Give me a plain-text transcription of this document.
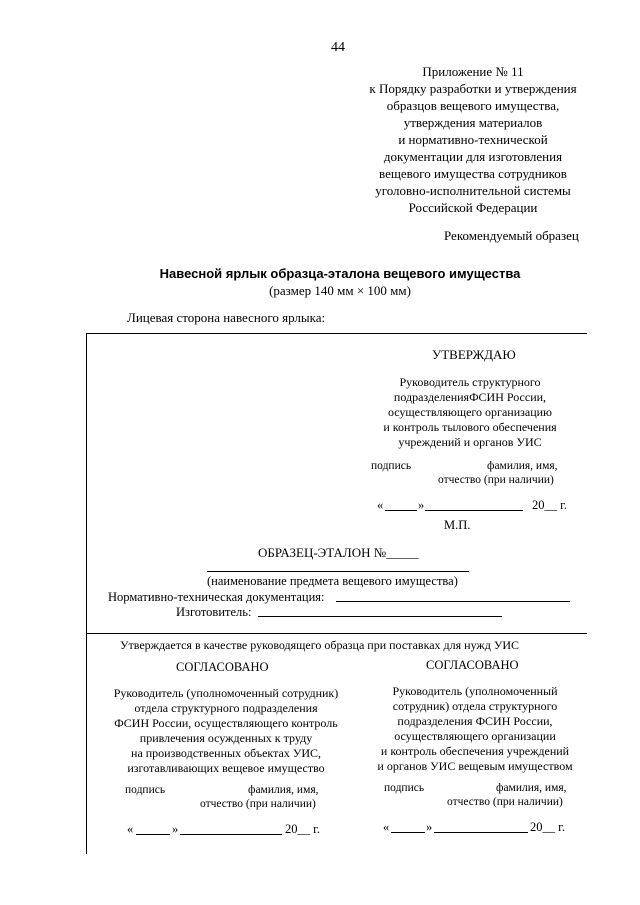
44
Приложение № 11
к Порядку разработки и утверждения
образцов вещевого имущества,
утверждения материалов
и нормативно-технической
документации для изготовления
вещевого имущества сотрудников
уголовно-исполнительной системы
Российской Федерации
Рекомендуемый образец
Навесной ярлык образца-эталона вещевого имущества
(размер 140 мм × 100 мм)
Лицевая сторона навесного ярлыка:
УТВЕРЖДАЮ
Руководитель структурного
подразделенияФСИН России,
осуществляющего организацию
и контроль тылового обеспечения
учреждений и органов УИС
подпись	фамилия, имя,
отчество (при наличии)
«	»	20__ г.
М.П.
ОБРАЗЕЦ-ЭТАЛОН №_____
(наименование предмета вещевого имущества)
Нормативно-техническая документация:
Изготовитель:
Утверждается в качестве руководящего образца при поставках для нужд УИС
СОГЛАСОВАНО
Руководитель (уполномоченный сотрудник)
отдела структурного подразделения
ФСИН России, осуществляющего контроль
привлечения осужденных к труду
на производственных объектах УИС,
изготавливающих вещевое имущество
подпись	фамилия, имя,
отчество (при наличии)
«	»	20__ г.
СОГЛАСОВАНО
Руководитель (уполномоченный
сотрудник) отдела структурного
подразделения ФСИН России,
осуществляющего организации
и контроль обеспечения учреждений
и органов УИС вещевым имуществом
подпись	фамилия, имя,
отчество (при наличии)
«	»	20__ г.
